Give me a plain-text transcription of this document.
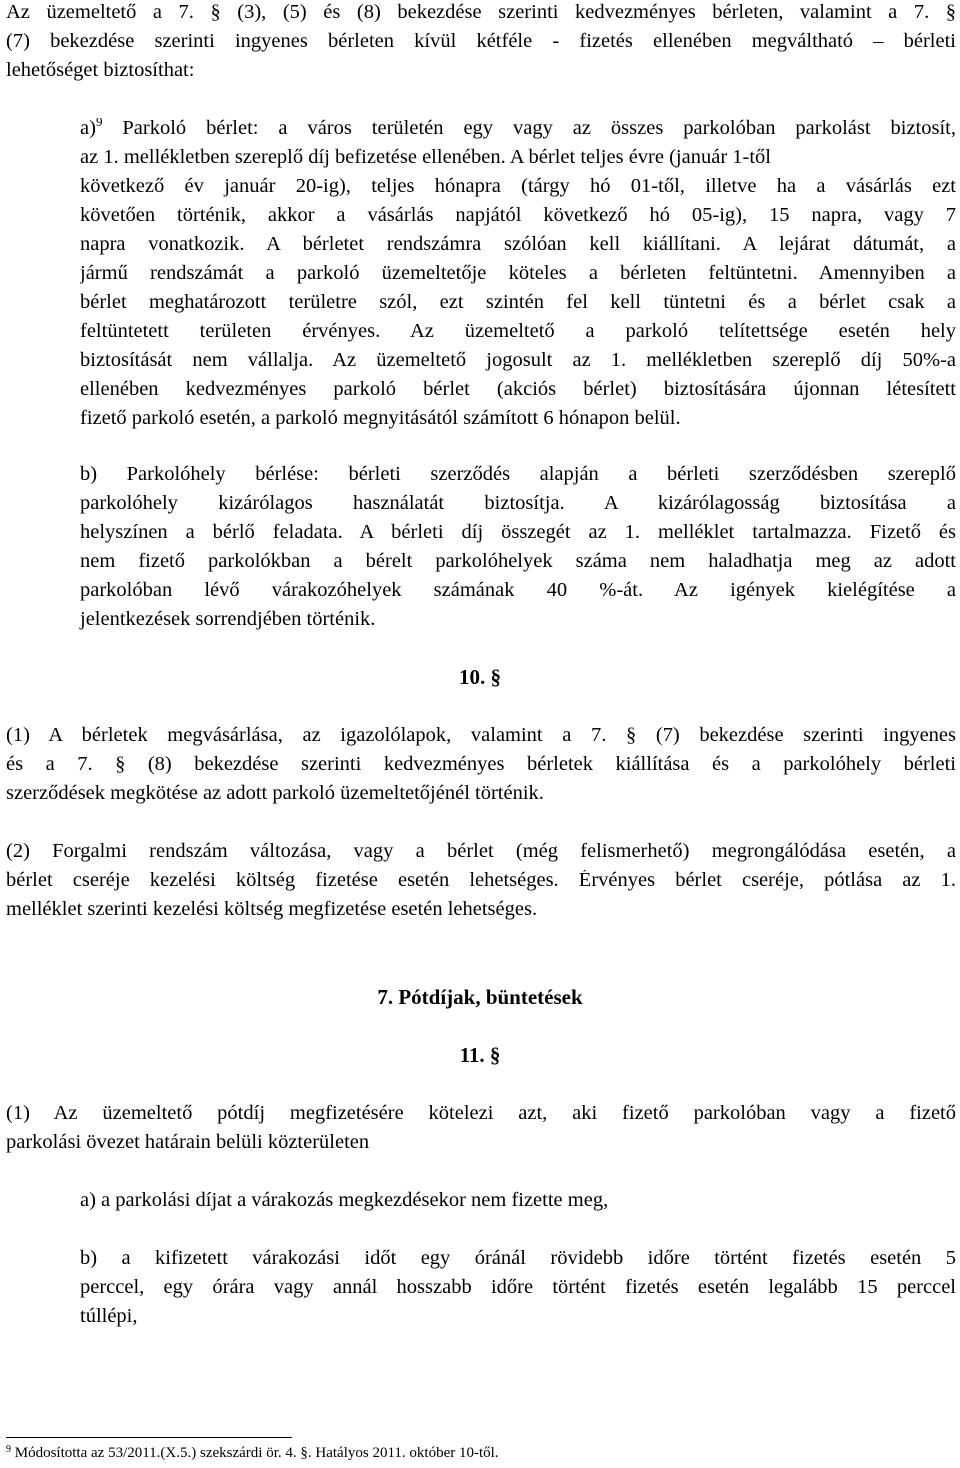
Az üzemeltető a 7. § (3), (5) és (8) bekezdése szerinti kedvezményes bérleten, valamint a 7. §
(7) bekezdése szerinti ingyenes bérleten kívül kétféle - fizetés ellenében megváltható – bérleti
lehetőséget biztosíthat:
a)$^9$ Parkoló bérlet: a város területén egy vagy az összes parkolóban parkolást biztosít,
az 1. mellékletben szereplő díj befizetése ellenében. A bérlet teljes évre (január 1-től
következő év január 20-ig), teljes hónapra (tárgy hó 01-től, illetve ha a vásárlás ezt
követően történik, akkor a vásárlás napjától következő hó 05-ig), 15 napra, vagy 7
napra vonatkozik. A bérletet rendszámra szólóan kell kiállítani. A lejárat dátumát, a
jármű rendszámát a parkoló üzemeltetője köteles a bérleten feltüntetni. Amennyiben a
bérlet meghatározott területre szól, ezt szintén fel kell tüntetni és a bérlet csak a
feltüntetett területen érvényes. Az üzemeltető a parkoló telítettsége esetén hely
biztosítását nem vállalja. Az üzemeltető jogosult az 1. mellékletben szereplő díj 50%-a
ellenében kedvezményes parkoló bérlet (akciós bérlet) biztosítására újonnan létesített
fizető parkoló esetén, a parkoló megnyitásától számított 6 hónapon belül.
b) Parkolóhely bérlése: bérleti szerződés alapján a bérleti szerződésben szereplő
parkolóhely kizárólagos használatát biztosítja. A kizárólagosság biztosítása a
helyszínen a bérlő feladata. A bérleti díj összegét az 1. melléklet tartalmazza. Fizető és
nem fizető parkolókban a bérelt parkolóhelyek száma nem haladhatja meg az adott
parkolóban lévő várakozóhelyek számának 40 %-át. Az igények kielégítése a
jelentkezések sorrendjében történik.
10. §
(1) A bérletek megvásárlása, az igazolólapok, valamint a 7. § (7) bekezdése szerinti ingyenes
és a 7. § (8) bekezdése szerinti kedvezményes bérletek kiállítása és a parkolóhely bérleti
szerződések megkötése az adott parkoló üzemeltetőjénél történik.
(2) Forgalmi rendszám változása, vagy a bérlet (még felismerhető) megrongálódása esetén, a
bérlet cseréje kezelési költség fizetése esetén lehetséges. Érvényes bérlet cseréje, pótlása az 1.
melléklet szerinti kezelési költség megfizetése esetén lehetséges.
7. Pótdíjak, büntetések
11. §
(1) Az üzemeltető pótdíj megfizetésére kötelezi azt, aki fizető parkolóban vagy a fizető
parkolási övezet határain belüli közterületen
a) a parkolási díjat a várakozás megkezdésekor nem fizette meg,
b) a kifizetett várakozási időt egy óránál rövidebb időre történt fizetés esetén 5
perccel, egy órára vagy annál hosszabb időre történt fizetés esetén legalább 15 perccel
túllépi,
$^9$ Módosította az 53/2011.(X.5.) szekszárdi ör. 4. §. Hatályos 2011. október 10-től.
